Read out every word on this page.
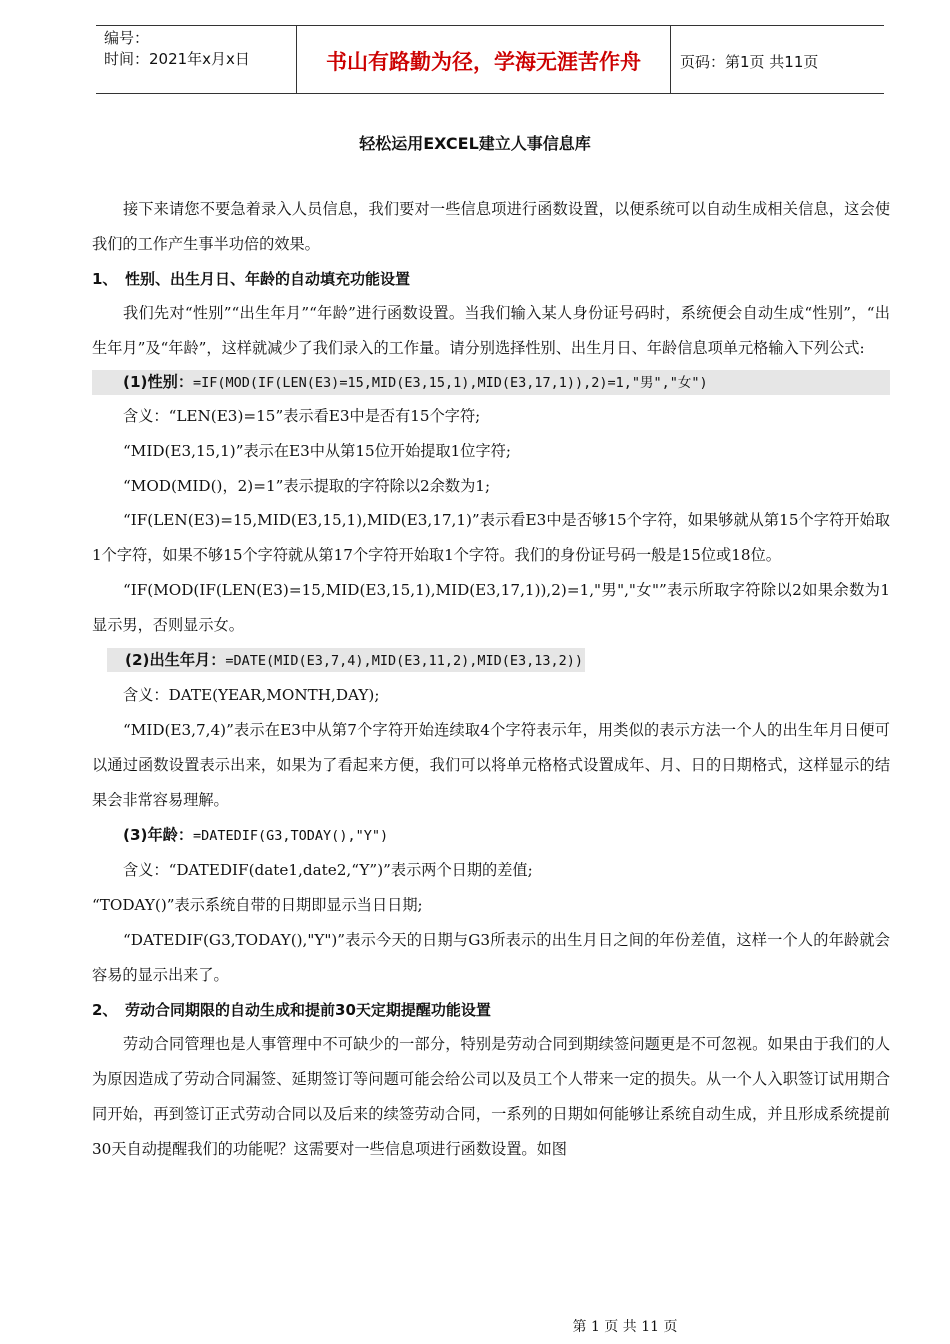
编号：
时间：2021年x月x日	书山有路勤为径，学海无涯苦作舟	页码：第1页 共11页
轻松运用EXCEL建立人事信息库

接下来请您不要急着录入人员信息，我们要对一些信息项进行函数设置，以便系统可以自动生成相关信息，这会使我们的工作产生事半功倍的效果。

1、 性别、出生月日、年龄的自动填充功能设置

我们先对“性别”“出生年月”“年龄”进行函数设置。当我们输入某人身份证号码时，系统便会自动生成“性别”，“出生年月”及“年龄”，这样就减少了我们录入的工作量。请分别选择性别、出生月日、年龄信息项单元格输入下列公式:

(1)性别：=IF(MOD(IF(LEN(E3)=15,MID(E3,15,1),MID(E3,17,1)),2)=1,"男","女")

含义：“LEN(E3)=15”表示看E3中是否有15个字符;

“MID(E3,15,1)”表示在E3中从第15位开始提取1位字符;

“MOD(MID()，2)=1”表示提取的字符除以2余数为1;

“IF(LEN(E3)=15,MID(E3,15,1),MID(E3,17,1)”表示看E3中是否够15个字符，如果够就从第15个字符开始取1个字符，如果不够15个字符就从第17个字符开始取1个字符。我们的身份证号码一般是15位或18位。

“IF(MOD(IF(LEN(E3)=15,MID(E3,15,1),MID(E3,17,1)),2)=1,"男","女"”表示所取字符除以2如果余数为1显示男，否则显示女。

(2)出生年月：=DATE(MID(E3,7,4),MID(E3,11,2),MID(E3,13,2))

含义：DATE(YEAR,MONTH,DAY);

“MID(E3,7,4)”表示在E3中从第7个字符开始连续取4个字符表示年，用类似的表示方法一个人的出生年月日便可以通过函数设置表示出来，如果为了看起来方便，我们可以将单元格格式设置成年、月、日的日期格式，这样显示的结果会非常容易理解。

(3)年龄：=DATEDIF(G3,TODAY(),"Y")

含义：“DATEDIF(date1,date2,“Y”)”表示两个日期的差值;

“TODAY()”表示系统自带的日期即显示当日日期;

“DATEDIF(G3,TODAY(),"Y")”表示今天的日期与G3所表示的出生月日之间的年份差值，这样一个人的年龄就会容易的显示出来了。

2、 劳动合同期限的自动生成和提前30天定期提醒功能设置

劳动合同管理也是人事管理中不可缺少的一部分，特别是劳动合同到期续签问题更是不可忽视。如果由于我们的人为原因造成了劳动合同漏签、延期签订等问题可能会给公司以及员工个人带来一定的损失。从一个人入职签订试用期合同开始，再到签订正式劳动合同以及后来的续签劳动合同，一系列的日期如何能够让系统自动生成，并且形成系统提前30天自动提醒我们的功能呢？这需要对一些信息项进行函数设置。如图

第 1 页 共 11 页
